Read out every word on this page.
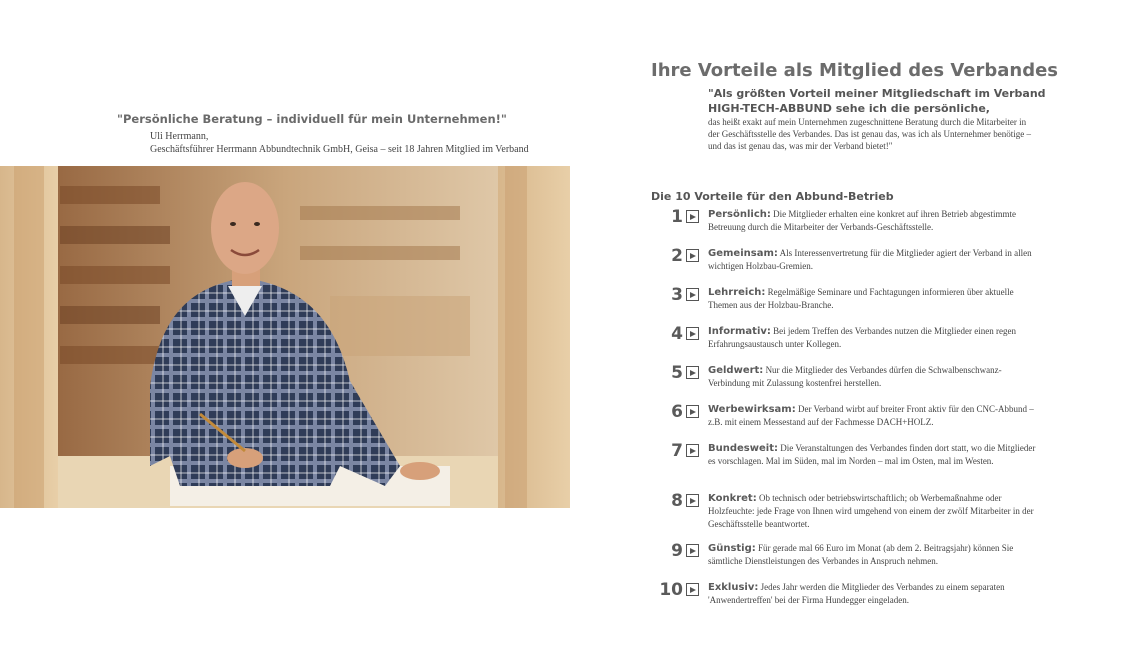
"Persönliche Beratung – individuell für mein Unternehmen!"
Uli Herrmann,
Geschäftsführer Herrmann Abbundtechnik GmbH, Geisa – seit 18 Jahren Mitglied im Verband
Ihre Vorteile als Mitglied des Verbandes
"Als größten Vorteil meiner Mitgliedschaft im Verband
HIGH-TECH-ABBUND sehe ich die persönliche,
das heißt exakt auf mein Unternehmen zugeschnittene Beratung durch die Mitarbeiter in der Geschäftsstelle des Verbandes. Das ist genau das, was ich als Unternehmer benötige – und das ist genau das, was mir der Verband bietet!"
Die 10 Vorteile für den Abbund-Betrieb
1	Persönlich: Die Mitglieder erhalten eine konkret auf ihren Betrieb abgestimmte Betreuung durch die Mitarbeiter der Verbands-Geschäftsstelle.
2	Gemeinsam: Als Interessenvertretung für die Mitglieder agiert der Verband in allen wichtigen Holzbau-Gremien.
3	Lehrreich: Regelmäßige Seminare und Fachtagungen informieren über aktuelle Themen aus der Holzbau-Branche.
4	Informativ: Bei jedem Treffen des Verbandes nutzen die Mitglieder einen regen Erfahrungsaustausch unter Kollegen.
5	Geldwert: Nur die Mitglieder des Verbandes dürfen die Schwalbenschwanz-Verbindung mit Zulassung kostenfrei herstellen.
6	Werbewirksam: Der Verband wirbt auf breiter Front aktiv für den CNC-Abbund – z.B. mit einem Messestand auf der Fachmesse DACH+HOLZ.
7	Bundesweit: Die Veranstaltungen des Verbandes finden dort statt, wo die Mitglieder es vorschlagen. Mal im Süden, mal im Norden – mal im Osten, mal im Westen.
8	Konkret: Ob technisch oder betriebswirtschaftlich; ob Werbemaßnahme oder Holzfeuchte: jede Frage von Ihnen wird umgehend von einem der zwölf Mitarbeiter in der Geschäftsstelle beantwortet.
9	Günstig: Für gerade mal 66 Euro im Monat (ab dem 2. Beitragsjahr) können Sie sämtliche Dienstleistungen des Verbandes in Anspruch nehmen.
10	Exklusiv: Jedes Jahr werden die Mitglieder des Verbandes zu einem separaten 'Anwendertreffen' bei der Firma Hundegger eingeladen.
